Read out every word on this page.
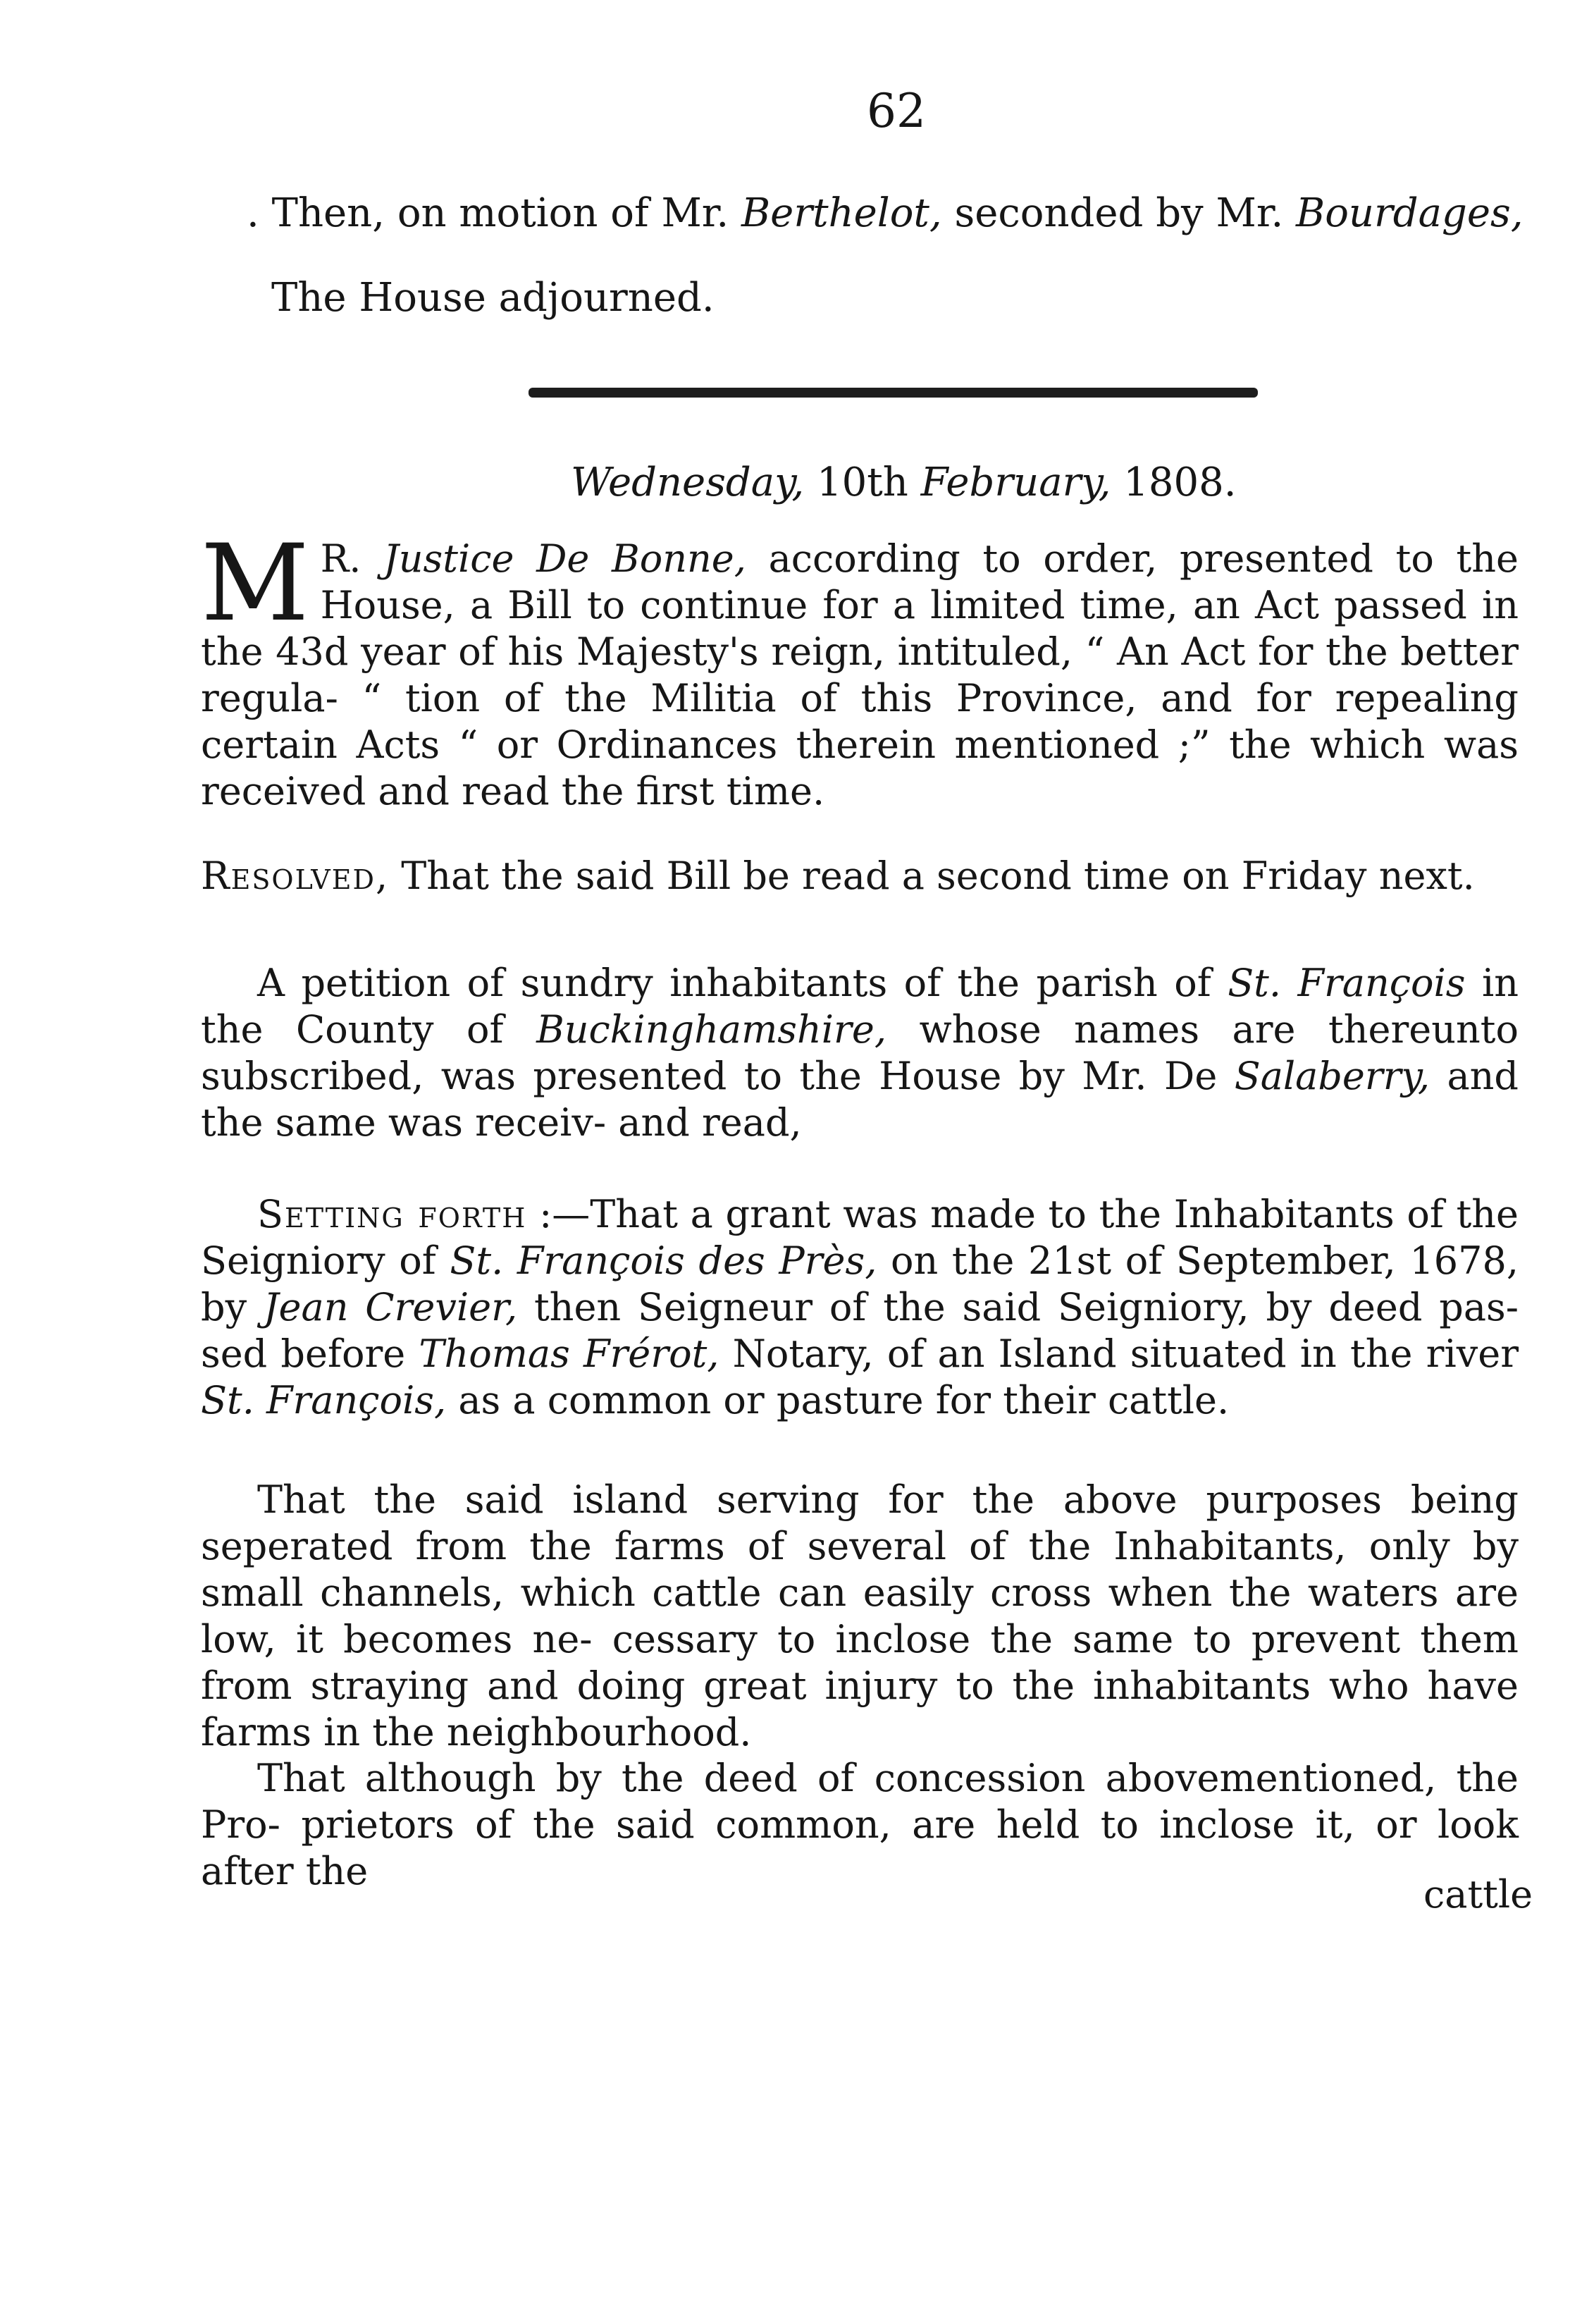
62
. Then, on motion of Mr. Berthelot, seconded by Mr. Bourdages,
The House adjourned.
Wednesday, 10th February, 1808.

M R. Justice De Bonne, according to order, presented to the House, a Bill to continue for a limited time, an Act passed in the 43d year of his Majesty's reign, intituled, “ An Act for the better regula- “ tion of the Militia of this Province, and for repealing certain Acts “ or Ordinances therein mentioned ;” the which was received and read the first time.

Resolved, That the said Bill be read a second time on Friday next.

A petition of sundry inhabitants of the parish of St. François in the County of Buckinghamshire, whose names are thereunto subscribed, was presented to the House by Mr. De Salaberry, and the same was receiv- and read,

Setting forth :—That a grant was made to the Inhabitants of the Seigniory of St. François des Près, on the 21st of September, 1678, by Jean Crevier, then Seigneur of the said Seigniory, by deed pas- sed before Thomas Frérot, Notary, of an Island situated in the river St. François, as a common or pasture for their cattle.

That the said island serving for the above purposes being seperated from the farms of several of the Inhabitants, only by small channels, which cattle can easily cross when the waters are low, it becomes ne- cessary to inclose the same to prevent them from straying and doing great injury to the inhabitants who have farms in the neighbourhood.

That although by the deed of concession abovementioned, the Pro- prietors of the said common, are held to inclose it, or look after the

cattle
